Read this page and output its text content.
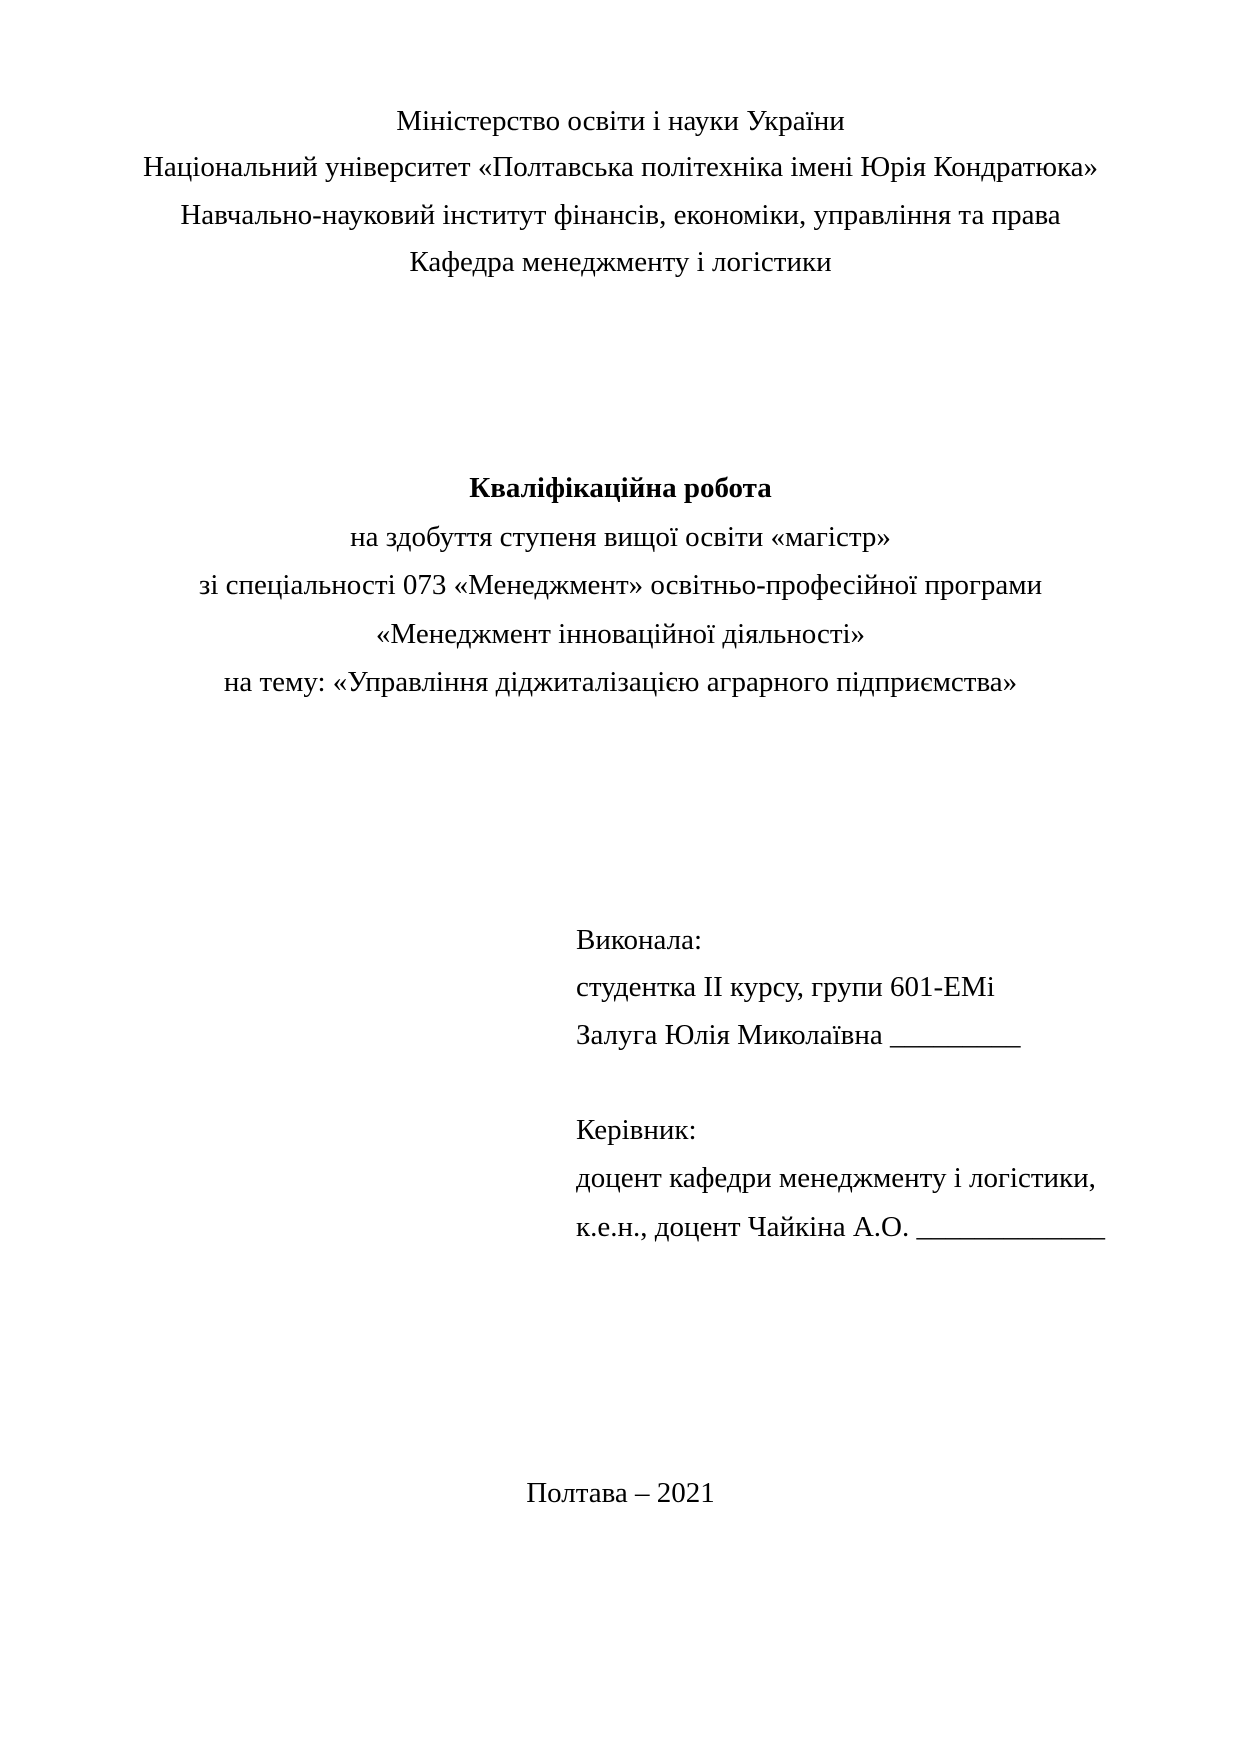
Міністерство освіти і науки України
Національний університет «Полтавська політехніка імені Юрія Кондратюка»
Навчально-науковий інститут фінансів, економіки, управління та права
Кафедра менеджменту і логістики
Кваліфікаційна робота
на здобуття ступеня вищої освіти «магістр»
зі спеціальності 073 «Менеджмент» освітньо-професійної програми
«Менеджмент інноваційної діяльності»
на тему: «Управління діджиталізацією аграрного підприємства»
Виконала:
студентка ІІ курсу, групи 601-ЕМі
Залуга Юлія Миколаївна _________
Керівник:
доцент кафедри менеджменту і логістики,
к.е.н., доцент Чайкіна А.О. _____________
Полтава – 2021
